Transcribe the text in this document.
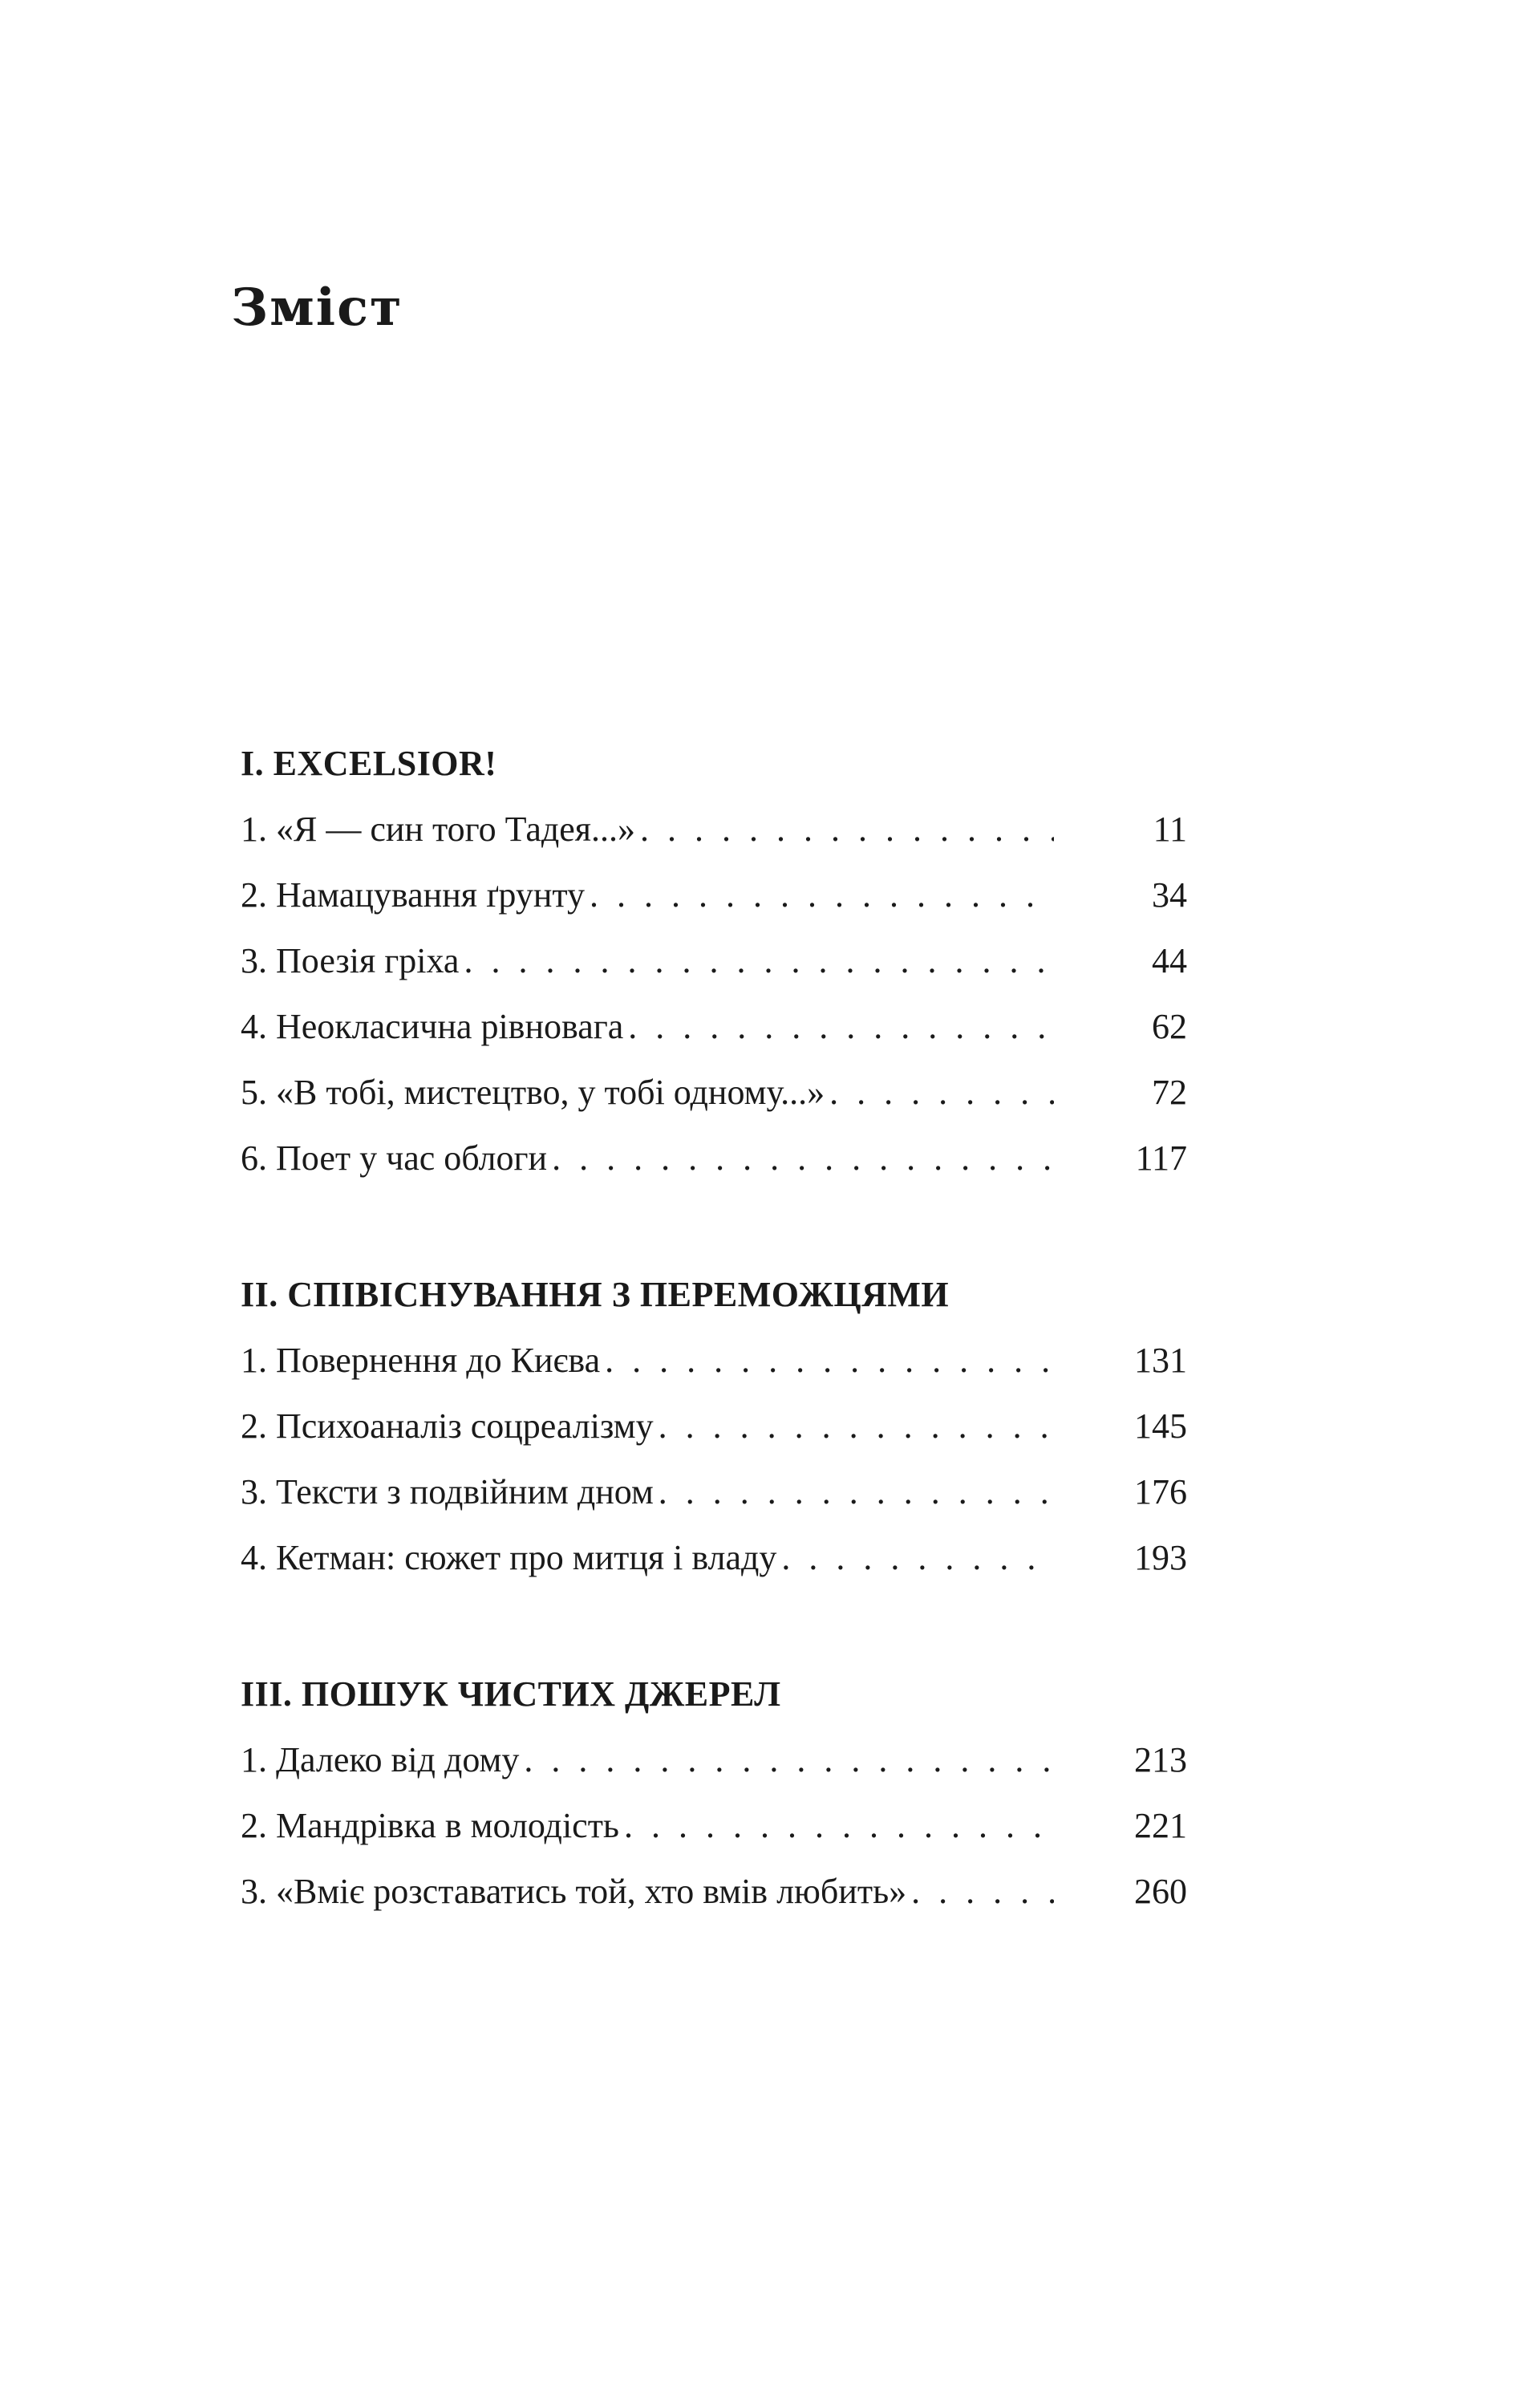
Зміст
I. EXCELSIOR!
1. «Я — син того Тадея...» . . .	11
2. Намацування ґрунту . . .	34
3. Поезія гріха . . .	44
4. Неокласична рівновага . . .	62
5. «В тобі, мистецтво, у тобі одному...» . . .	72
6. Поет у час облоги . . .	117
II. СПІВІСНУВАННЯ З ПЕРЕМОЖЦЯМИ
1. Повернення до Києва . . .	131
2. Психоаналіз соцреалізму . . .	145
3. Тексти з подвійним дном . . .	176
4. Кетман: сюжет про митця і владу . . .	193
III. ПОШУК ЧИСТИХ ДЖЕРЕЛ
1. Далеко від дому . . .	213
2. Мандрівка в молодість . . .	221
3. «Вміє розставатись той, хто вмів любить» . . .	260
